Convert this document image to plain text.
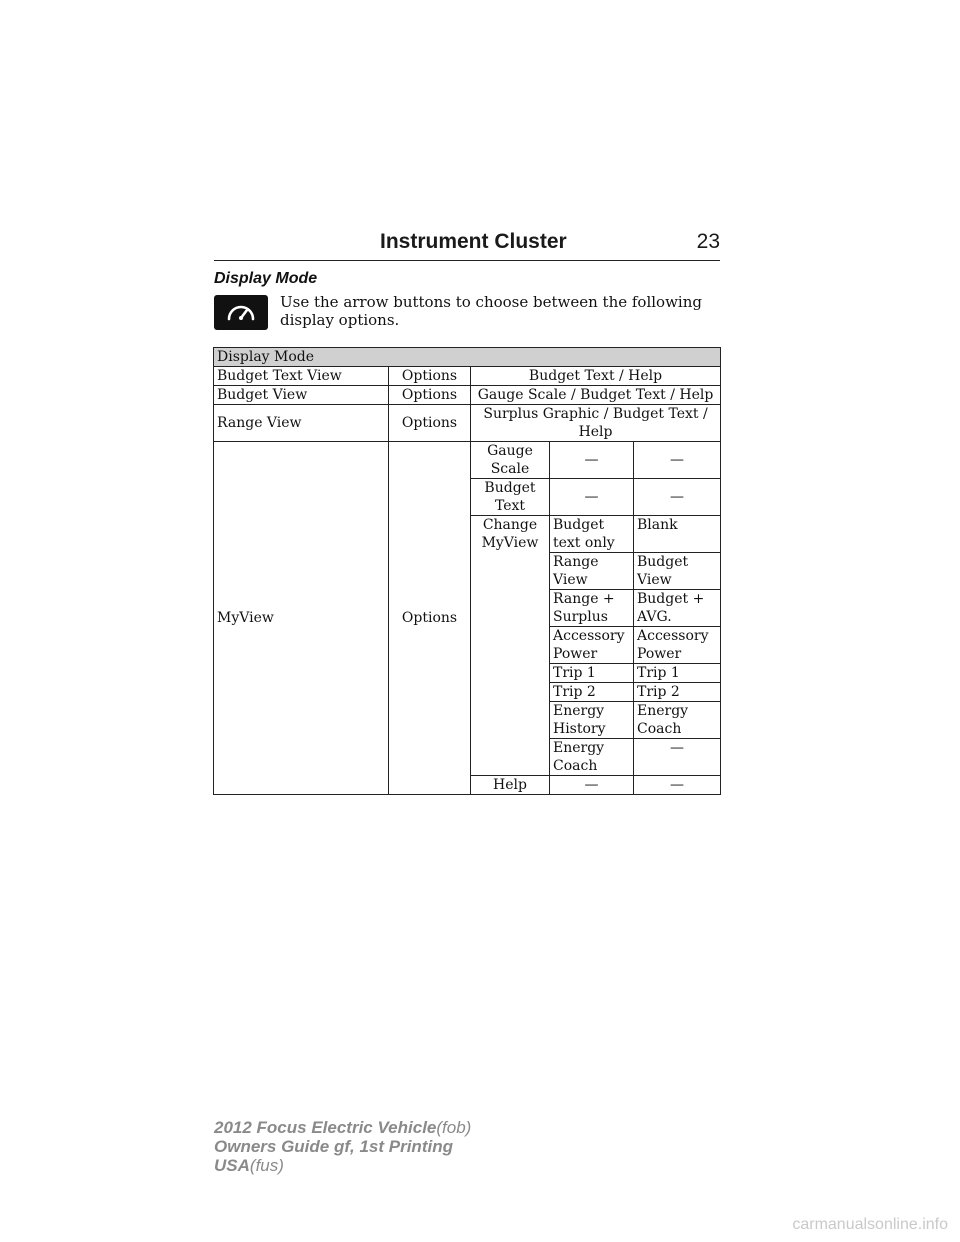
Instrument Cluster	23
Display Mode
Use the arrow buttons to choose between the following display options.
Display Mode				
Budget Text View	Options	Budget Text / Help		
Budget View	Options	Gauge Scale / Budget Text / Help		
Range View	Options	Surplus Graphic / Budget Text / Help		
MyView	Options	Gauge Scale	—	—
		Budget Text	—	—
		Change MyView	Budget text only	Blank
			Range View	Budget View
			Range + Surplus	Budget + AVG.
			Accessory Power	Accessory Power
			Trip 1	Trip 1
			Trip 2	Trip 2
			Energy History	Energy Coach
			Energy Coach	—
		Help	—	—
2012 Focus Electric Vehicle(fob)
Owners Guide gf, 1st Printing
USA(fus)
carmanualsonline.info
